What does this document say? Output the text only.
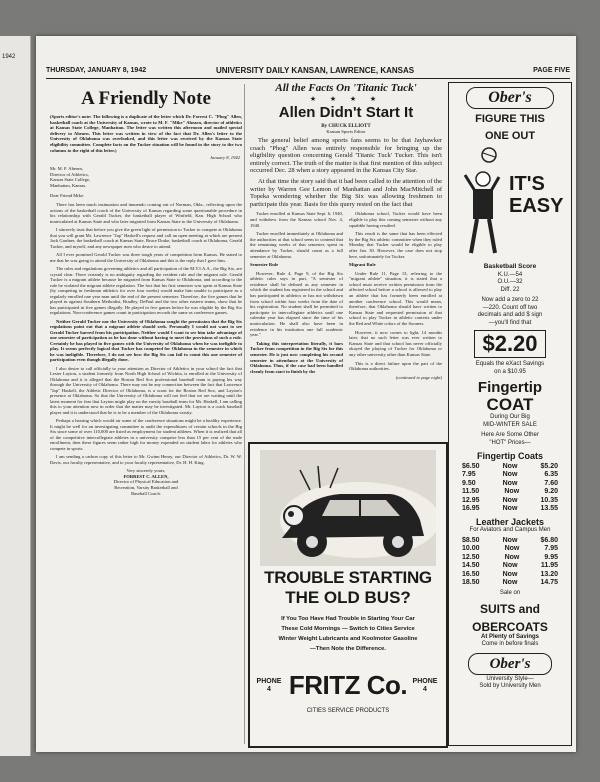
1942
THURSDAY, JANUARY 8, 1942	UNIVERSITY DAILY KANSAN, LAWRENCE, KANSAS	PAGE FIVE
A Friendly Note
(Sports editor's note: The following is a duplicate of the letter which Dr. Forrest C. "Phog" Allen, basketball coach at the University of Kansas, wrote to M. F. "Mike" Ahearn, director of athletics at Kansas State College, Manhattan. The letter was written this afternoon and mailed special delivery to Ahearn. This letter was written in view of the fact that Dr. Allen's letter to the University of Oklahoma was overlooked, and this letter was received by the Kansas State eligibility committee. Complete facts on the Tucker situation will be found in the story to the two columns to the right of this letter.)
January 8, 1942
Mr. M. F. Ahearn,
Director of Athletics,
Kansas State College,
Manhattan, Kansas.
Dear Friend Mike:

There has been much insinuation and innuendo coming out of Norman, Okla., reflecting upon the actions of the basketball coach of the University of Kansas regarding some questionable procedure in his relationship with Gerald Tucker, the basketball player of Winfield, Kan. High School who matriculated at Kansas State and who later migrated from Kansas State to the University of Oklahoma.

I sincerely trust that before you give the green light of permission to Tucker to compete at Oklahoma that you will grant Mr. Lawrence "Jap" Haskell's request and call an open meeting at which are present Jack Gardner, the basketball coach at Kansas State, Bruce Drake, basketball coach at Oklahoma, Gerald Tucker, and myself, and any newspaper men who desire to attend.

All I ever promised Gerald Tucker was three tough years of competition from Kansas. He stated to me that he was going to attend the University of Oklahoma and this is the reply that I gave him.

The rules and regulations governing athletics and all participation of the M.V.I.A.A., the Big Six, are crystal clear. There certainly is no ambiguity regarding the resident rule and the migrant rule. Gerald Tucker is a migrant athlete because he migrated from Kansas State to Oklahoma, and according to the rule he violated the migrant athlete regulation. The fact that his first semester was spent at Kansas State (by competing in freshman athletics for over four weeks) would make him unable to participate as a regularly enrolled one year man until the end of the present semester. Therefore, the five games that he played in against Southern Methodist, Bradley, DePaul and the two other eastern teams, show that he has participated in five games illegally. He played in five games before he was eligible by the Big Six regulations. Non-conference games count in participation records the same as conference games.

Neither Gerald Tucker nor the University of Oklahoma sought the permission that the Big Six regulations point out that a migrant athlete should seek. Personally I would not want to see Gerald Tucker barred from his participation. Neither would I want to see him take advantage of one semester of participation as he has done without having to meet the provisions of such a rule. Certainly he has played in five games with the University of Oklahoma when he was ineligible to play. It seems perfectly logical that Tucker has competed for Oklahoma in the semester in which he was ineligible. Therefore, I do not see how the Big Six can fail to count this one semester of participation even though illegally done.

I also desire to call officially to your attention as Director of Athletics in your school the fact that Lester Layton, a student formerly from North High School of Wichita, is enrolled at the University of Oklahoma and it is alleged that the Boston Red Sox professional baseball team is paying his way through the University of Oklahoma. There may not be any connection between the fact that Lawrence "Jap" Haskell, the Athletic Director of Oklahoma, is a scout for the Boston Red Sox, and Layton's presence at Oklahoma. So that the University of Oklahoma will not feel that we are waiting until the latest moment for fear that Layton might play on the varsity baseball team for Mr. Haskell, I am calling this to your attention now in order that the matter may be investigated. Mr. Layton is a crack baseball player and it is understood that he is to be a member of the Oklahoma varsity.

Perhaps a hearing which would air some of the conference situations might be a healthy experience. It might be well for an investigating committee to audit the expenditures of certain schools in the Big Six since some of over 110,000 are listed as employment for student athletes. When it is realized that all of the competitive intercollegiate athletes in a university comprise less than 15 per cent of the male enrollment, then these figures seem rather high for money expended on student labor for athletes who compete in sports.

I am sending a carbon copy of this letter to Mr. Gwinn Henry, our Director of Athletics, Dr. W. W. Davis, our faculty representative, and to your faculty representative, Dr. H. H. King.

Very sincerely yours,
FORREST C. ALLEN,
Director of Physical Education and
Recreation, Varsity Basketball and
Baseball Coach.
All the Facts On 'Titanic Tuck'
★ ★ ★ ★
Allen Didn't Start It
By CHUCK ELLIOTT
Kansan Sports Editor
The general belief among sports fans seems to be that Jayhawker coach "Phog" Allen was entirely responsible for bringing up the eligibility question concerning Gerald 'Titanic Tuck' Tucker. This isn't entirely correct. The truth of the matter is that first mention of this subject occurred Dec. 28 when a story appeared in the Kansas City Star.
At that time the story said that it had been called to the attention of the writer by Warren Gee Lemon of Manhattan and John MacMitchell of Topeka wondering whether the Big Six was allowing freshmen to participate this year. Basis for this query rested on the fact that

Tucker enrolled at Kansas State Sept. 6, 1940, and withdrew from the Kansas school Nov. 4, 1940.

Tucker enrolled immediately at Oklahoma and the authorities at that school seem to contend that the remaining weeks of that semester, spent in attendance by Tucker, should count as a full semester at Oklahoma.

Semester Rule

However, Rule 4, Page 9, of the Big Six athletic rules says in part, "A semester of residence shall be defined as any semester in which the student has registered in the school and has participated in athletics or has not withdrawn from school within four weeks from the date of his registration. No student shall be permitted to participate in intercollegiate athletics until one calendar year has elapsed since the time of his matriculation. He shall also have been in residence in his institution one full academic year."

Taking this interpretation literally, it bars Tucker from competition in the Big Six for this semester. He is just now completing his second semester in attendance at the University of Oklahoma. Thus, if the case had been handled cleanly from start to finish by the

Oklahoma school, Tucker would have been eligible to play this coming semester without any squabble having resulted.

This result is the same that has been effected by the Big Six athletic committee when they ruled Monday that Tucker would be eligible to play after Jan. 30. However, the case does not stop here, unfortunately for Tucker.

Migrant Rule

Under Rule 11, Page 13, referring to the "migrant athlete" situation, it is stated that a school must receive written permission from the affected school before a school is allowed to play an athlete that has formerly been enrolled at another conference school. This would mean, therefore, that Oklahoma should have written to Kansas State and requested permission of that school to play Tucker in athletic contests under the Red and White colors of the Sooners.

However, it now comes to light, 14 months later, that no such letter was ever written to Kansas State and that school has never officially okayed the playing of Tucker for Oklahoma or any other university other than Kansas State.

This is a direct failure upon the part of the Oklahoma authorities.

(continued to page eight)
TROUBLE STARTING
THE OLD BUS?
If You Too Have Had Trouble in Starting Your Car
These Cold Mornings — Switch to Cities Service
Winter Weight Lubricants and Koolmotor Gasoline
—Then Note the Difference.
PHONE
4 FRITZ Co. PHONE
4
CITIES SERVICE PRODUCTS
Ober's
FIGURE THIS
ONE OUT
IT'S
EASY
Basketball Score
K.U.—54
O.U.—32
Diff. 22
Now add a zero to 22
—220. Count off two
decimals and add $ sign
—you'll find that
$2.20
Equals the eXact Savings
on a $10.95
Fingertip
COAT
During Our Big
MID-WINTER SALE
Here Are Some Other
"HOT" Prices—
Fingertip Coats
$6.50	Now	$5.20
7.95	Now	6.35
9.50	Now	7.60
11.50	Now	9.20
12.95	Now	10.35
16.95	Now	13.55
Leather Jackets
For Aviators and Campus Men
$8.50	Now	$6.80
10.00	Now	7.95
12.50	Now	9.95
14.50	Now	11.95
16.50	Now	13.20
18.50	Now	14.75
Sale on
SUITS and
OBERCOATS
At Plenty of Savings
Come in before finals
Ober's
University Style—
Sold by University Men
